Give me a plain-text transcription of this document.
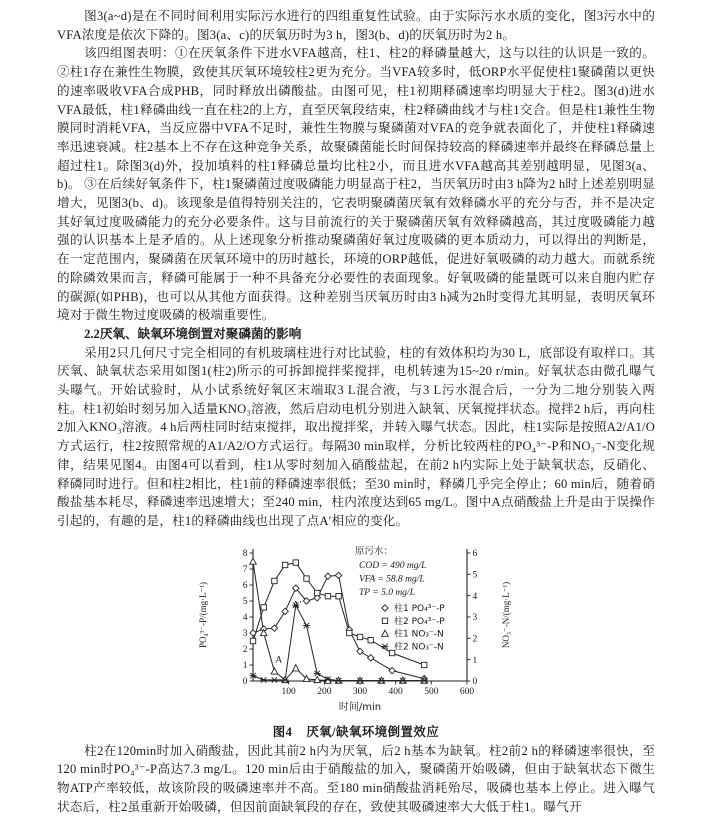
图3(a~d)是在不同时间利用实际污水进行的四组重复性试验。由于实际污水水质的变化，图3污水中的VFA浓度是依次下降的。图3(a、c)的厌氧历时为3 h，图3(b、d)的厌氧历时为2 h。

该四组图表明：①在厌氧条件下进水VFA越高，柱1、柱2的释磷量越大，这与以往的认识是一致的。②柱1存在兼性生物膜，致使其厌氧环境较柱2更为充分。当VFA较多时，低ORP水平促使柱1聚磷菌以更快的速率吸收VFA合成PHB，同时释放出磷酸盐。由图可见，柱1初期释磷速率均明显大于柱2。图3(d)进水VFA最低，柱1释磷曲线一直在柱2的上方，直至厌氧段结束，柱2释磷曲线才与柱1交合。但是柱1兼性生物膜同时消耗VFA，当反应器中VFA不足时，兼性生物膜与聚磷菌对VFA的竞争就表面化了，并使柱1释磷速率迅速衰减。柱2基本上不存在这种竞争关系，故聚磷菌能长时间保持较高的释磷速率并最终在释磷总量上超过柱1。除图3(d)外，投加填料的柱1释磷总量均比柱2小，而且进水VFA越高其差别越明显，见图3(a、b)。 ③在后续好氧条件下，柱1聚磷菌过度吸磷能力明显高于柱2，当厌氧历时由3 h降为2 h时上述差别明显增大，见图3(b、d)。该现象是值得特别关注的，它表明聚磷菌厌氧有效释磷水平的充分与否，并不是决定其好氧过度吸磷能力的充分必要条件。这与目前流行的关于聚磷菌厌氧有效释磷越高，其过度吸磷能力越强的认识基本上是矛盾的。从上述现象分析推动聚磷菌好氧过度吸磷的更本质动力，可以得出的判断是，在一定范围内，聚磷菌在厌氧环境中的历时越长，环境的ORP越低，促进好氧吸磷的动力越大。而就系统的除磷效果而言，释磷可能属于一种不具备充分必要性的表面现象。好氧吸磷的能量既可以来自胞内贮存的碳源(如PHB)，也可以从其他方面获得。这种差别当厌氧历时由3 h减为2h时变得尤其明显，表明厌氧环境对于微生物过度吸磷的极端重要性。

2.2厌氧、缺氧环境倒置对聚磷菌的影响

采用2只几何尺寸完全相同的有机玻璃柱进行对比试验，柱的有效体积均为30 L，底部设有取样口。其厌氧、缺氧状态采用如图1(柱2)所示的可拆卸搅拌桨搅拌，电机转速为15~20 r/min。好氧状态由微孔曝气头曝气。开始试验时，从小试系统好氧区末端取3 L混合液，与3 L污水混合后，一分为二地分别装入两柱。柱1初始时刻另加入适量KNO₃溶液，然后启动电机分别进入缺氧、厌氧搅拌状态。搅拌2 h后，再向柱2加入KNO₃溶液。4 h后两柱同时结束搅拌，取出搅拌桨，并转入曝气状态。因此，柱1实际是按照A2/A1/O方式运行，柱2按照常规的A1/A2/O方式运行。每隔30 min取样，分析比较两柱的PO₄³⁻-P和NO₃⁻-N变化规律，结果见图4。由图4可以看到，柱1从零时刻加入硝酸盐起，在前2 h内实际上处于缺氧状态，反硝化、释磷同时进行。但和柱2相比，柱1前的释磷速率很低；至30 min时，释磷几乎完全停止；60 min后，随着硝酸盐基本耗尽，释磷速率迅速增大；至240 min，柱内浓度达到65 mg/L。图中A点硝酸盐上升是由于误操作引起的，有趣的是，柱1的释磷曲线也出现了点A′相应的变化。

0
1
2
3
4
5
6
7
8
0
1
2
3
4
5
6
100 200 300 400 500 600
PO₄³⁻-P/(mg·L⁻¹)	NO₃⁻-N/(mg·L⁻¹)
时间/min
原污水：
COD = 490 mg/L
VFA = 58.8 mg/L
TP = 5.0 mg/L
柱1 PO₄³⁻-P
柱2 PO₄³⁻-P
柱1 NO₃⁻-N
柱2 NO₃⁻-N
A
A′
图4 厌氧/缺氧环境倒置效应

柱2在120min时加入硝酸盐，因此其前2 h内为厌氧，后2 h基本为缺氧。柱2前2 h的释磷速率很快，至120 min时PO₄³⁻-P高达7.3 mg/L。120 min后由于硝酸盐的加入，聚磷菌开始吸磷，但由于缺氧状态下微生物ATP产率较低，故该阶段的吸磷速率并不高。至180 min硝酸盐消耗殆尽，吸磷也基本上停止。进入曝气状态后，柱2虽重新开始吸磷，但因前面缺氧段的存在，致使其吸磷速率大大低于柱1。曝气开
